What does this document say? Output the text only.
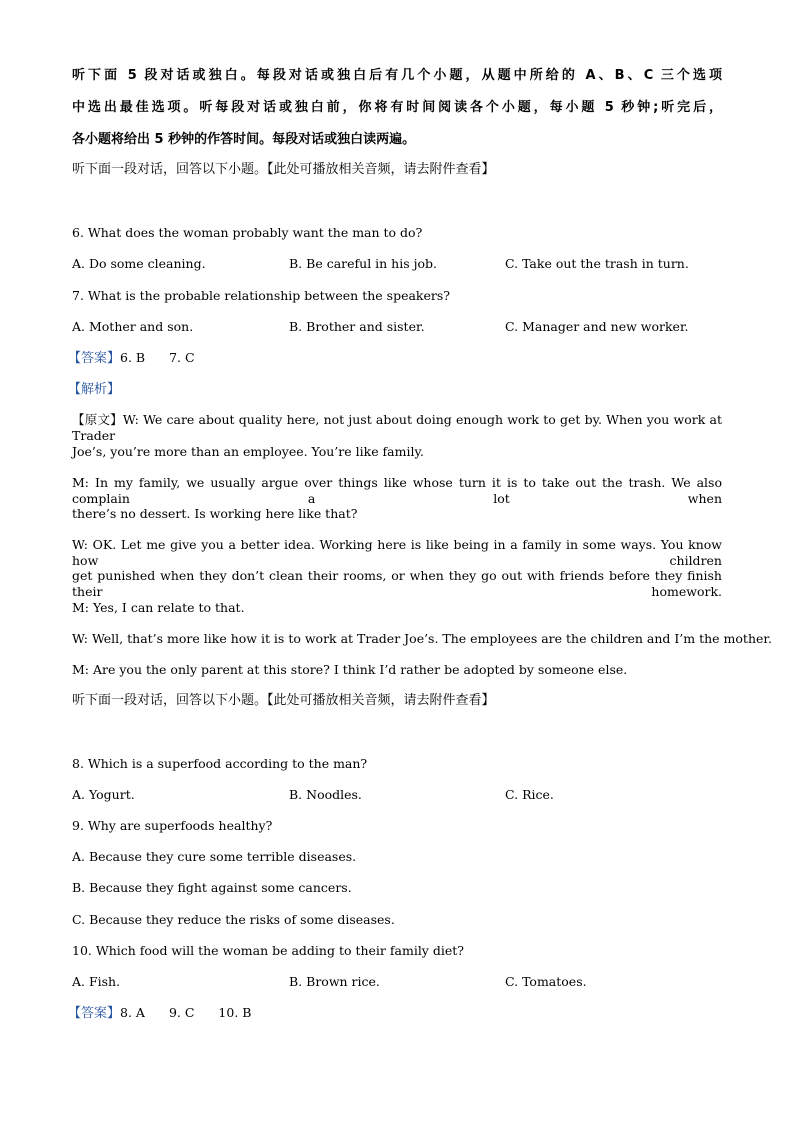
听下面 5 段对话或独白。每段对话或独白后有几个小题，从题中所给的 A、B、C 三个选项
中选出最佳选项。听每段对话或独白前，你将有时间阅读各个小题，每小题 5 秒钟;听完后，
各小题将给出 5 秒钟的作答时间。每段对话或独白读两遍。
听下面一段对话，回答以下小题。【此处可播放相关音频，请去附件查看】
6. What does the woman probably want the man to do?
A. Do some cleaning.	B. Be careful in his job.	C. Take out the trash in turn.
7. What is the probable relationship between the speakers?
A. Mother and son.	B. Brother and sister.	C. Manager and new worker.
【答案】6. B 7. C
【解析】
【原文】W: We care about quality here, not just about doing enough work to get by. When you work at Trader
Joe’s, you’re more than an employee. You’re like family.
M: In my family, we usually argue over things like whose turn it is to take out the trash. We also complain a lot when
there’s no dessert. Is working here like that?
W: OK. Let me give you a better idea. Working here is like being in a family in some ways. You know how children
get punished when they don’t clean their rooms, or when they go out with friends before they finish their homework.
M: Yes, I can relate to that.
W: Well, that’s more like how it is to work at Trader Joe’s. The employees are the children and I’m the mother.
M: Are you the only parent at this store? I think I’d rather be adopted by someone else.
听下面一段对话，回答以下小题。【此处可播放相关音频，请去附件查看】
8. Which is a superfood according to the man?
A. Yogurt.	B. Noodles.	C. Rice.
9. Why are superfoods healthy?
A. Because they cure some terrible diseases.
B. Because they fight against some cancers.
C. Because they reduce the risks of some diseases.
10. Which food will the woman be adding to their family diet?
A. Fish.	B. Brown rice.	C. Tomatoes.
【答案】8. A 9. C 10. B
